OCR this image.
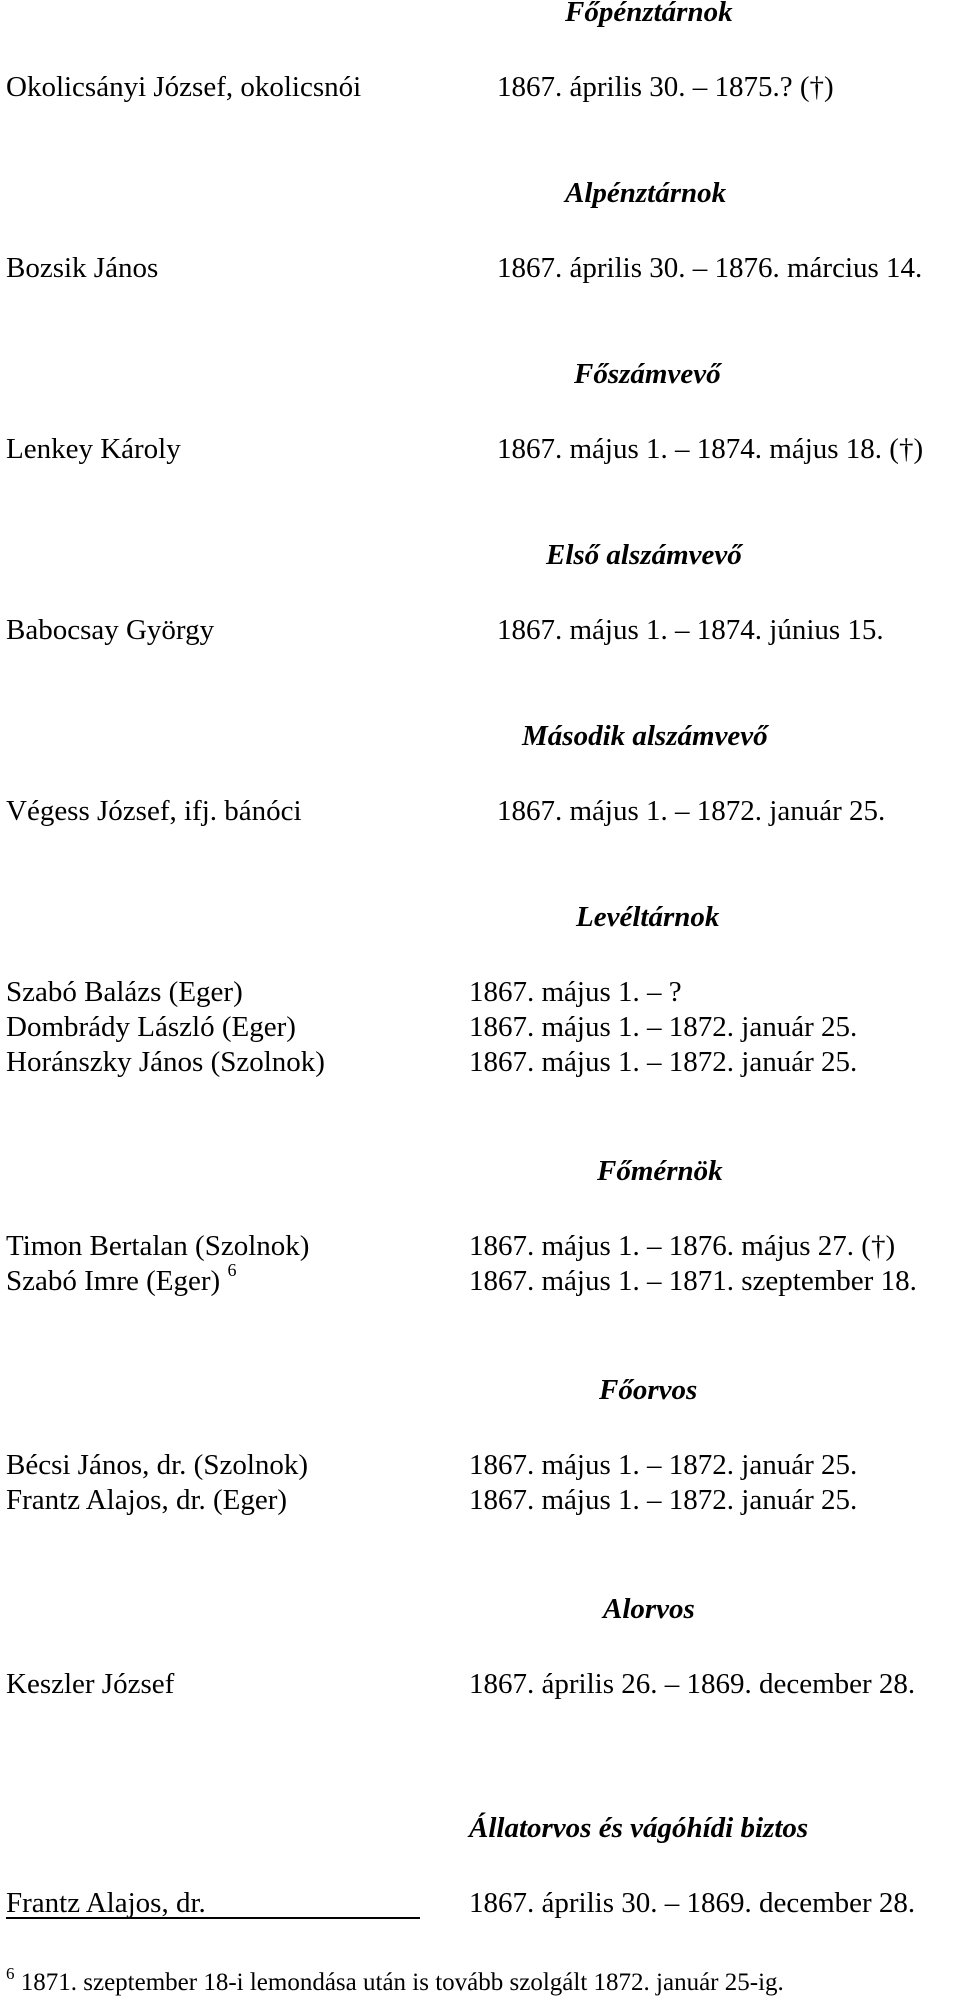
Főpénztárnok
Okolicsányi József, okolicsnói	1867. április 30. – 1875.? (†)
Alpénztárnok
Bozsik János	1867. április 30. – 1876. március 14.
Főszámvevő
Lenkey Károly	1867. május 1. – 1874. május 18. (†)
Első alszámvevő
Babocsay György	1867. május 1. – 1874. június 15.
Második alszámvevő
Végess József, ifj. bánóci	1867. május 1. – 1872. január 25.
Levéltárnok
Szabó Balázs (Eger)	1867. május 1. – ?
Dombrády László (Eger)	1867. május 1. – 1872. január 25.
Horánszky János (Szolnok)	1867. május 1. – 1872. január 25.
Főmérnök
Timon Bertalan (Szolnok)	1867. május 1. – 1876. május 27. (†)
Szabó Imre (Eger) $^6$	1867. május 1. – 1871. szeptember 18.
Főorvos
Bécsi János, dr. (Szolnok)	1867. május 1. – 1872. január 25.
Frantz Alajos, dr. (Eger)	1867. május 1. – 1872. január 25.
Alorvos
Keszler József	1867. április 26. – 1869. december 28.
Állatorvos és vágóhídi biztos
Frantz Alajos, dr.	1867. április 30. – 1869. december 28.
$^6$ 1871. szeptember 18-i lemondása után is tovább szolgált 1872. január 25-ig.
